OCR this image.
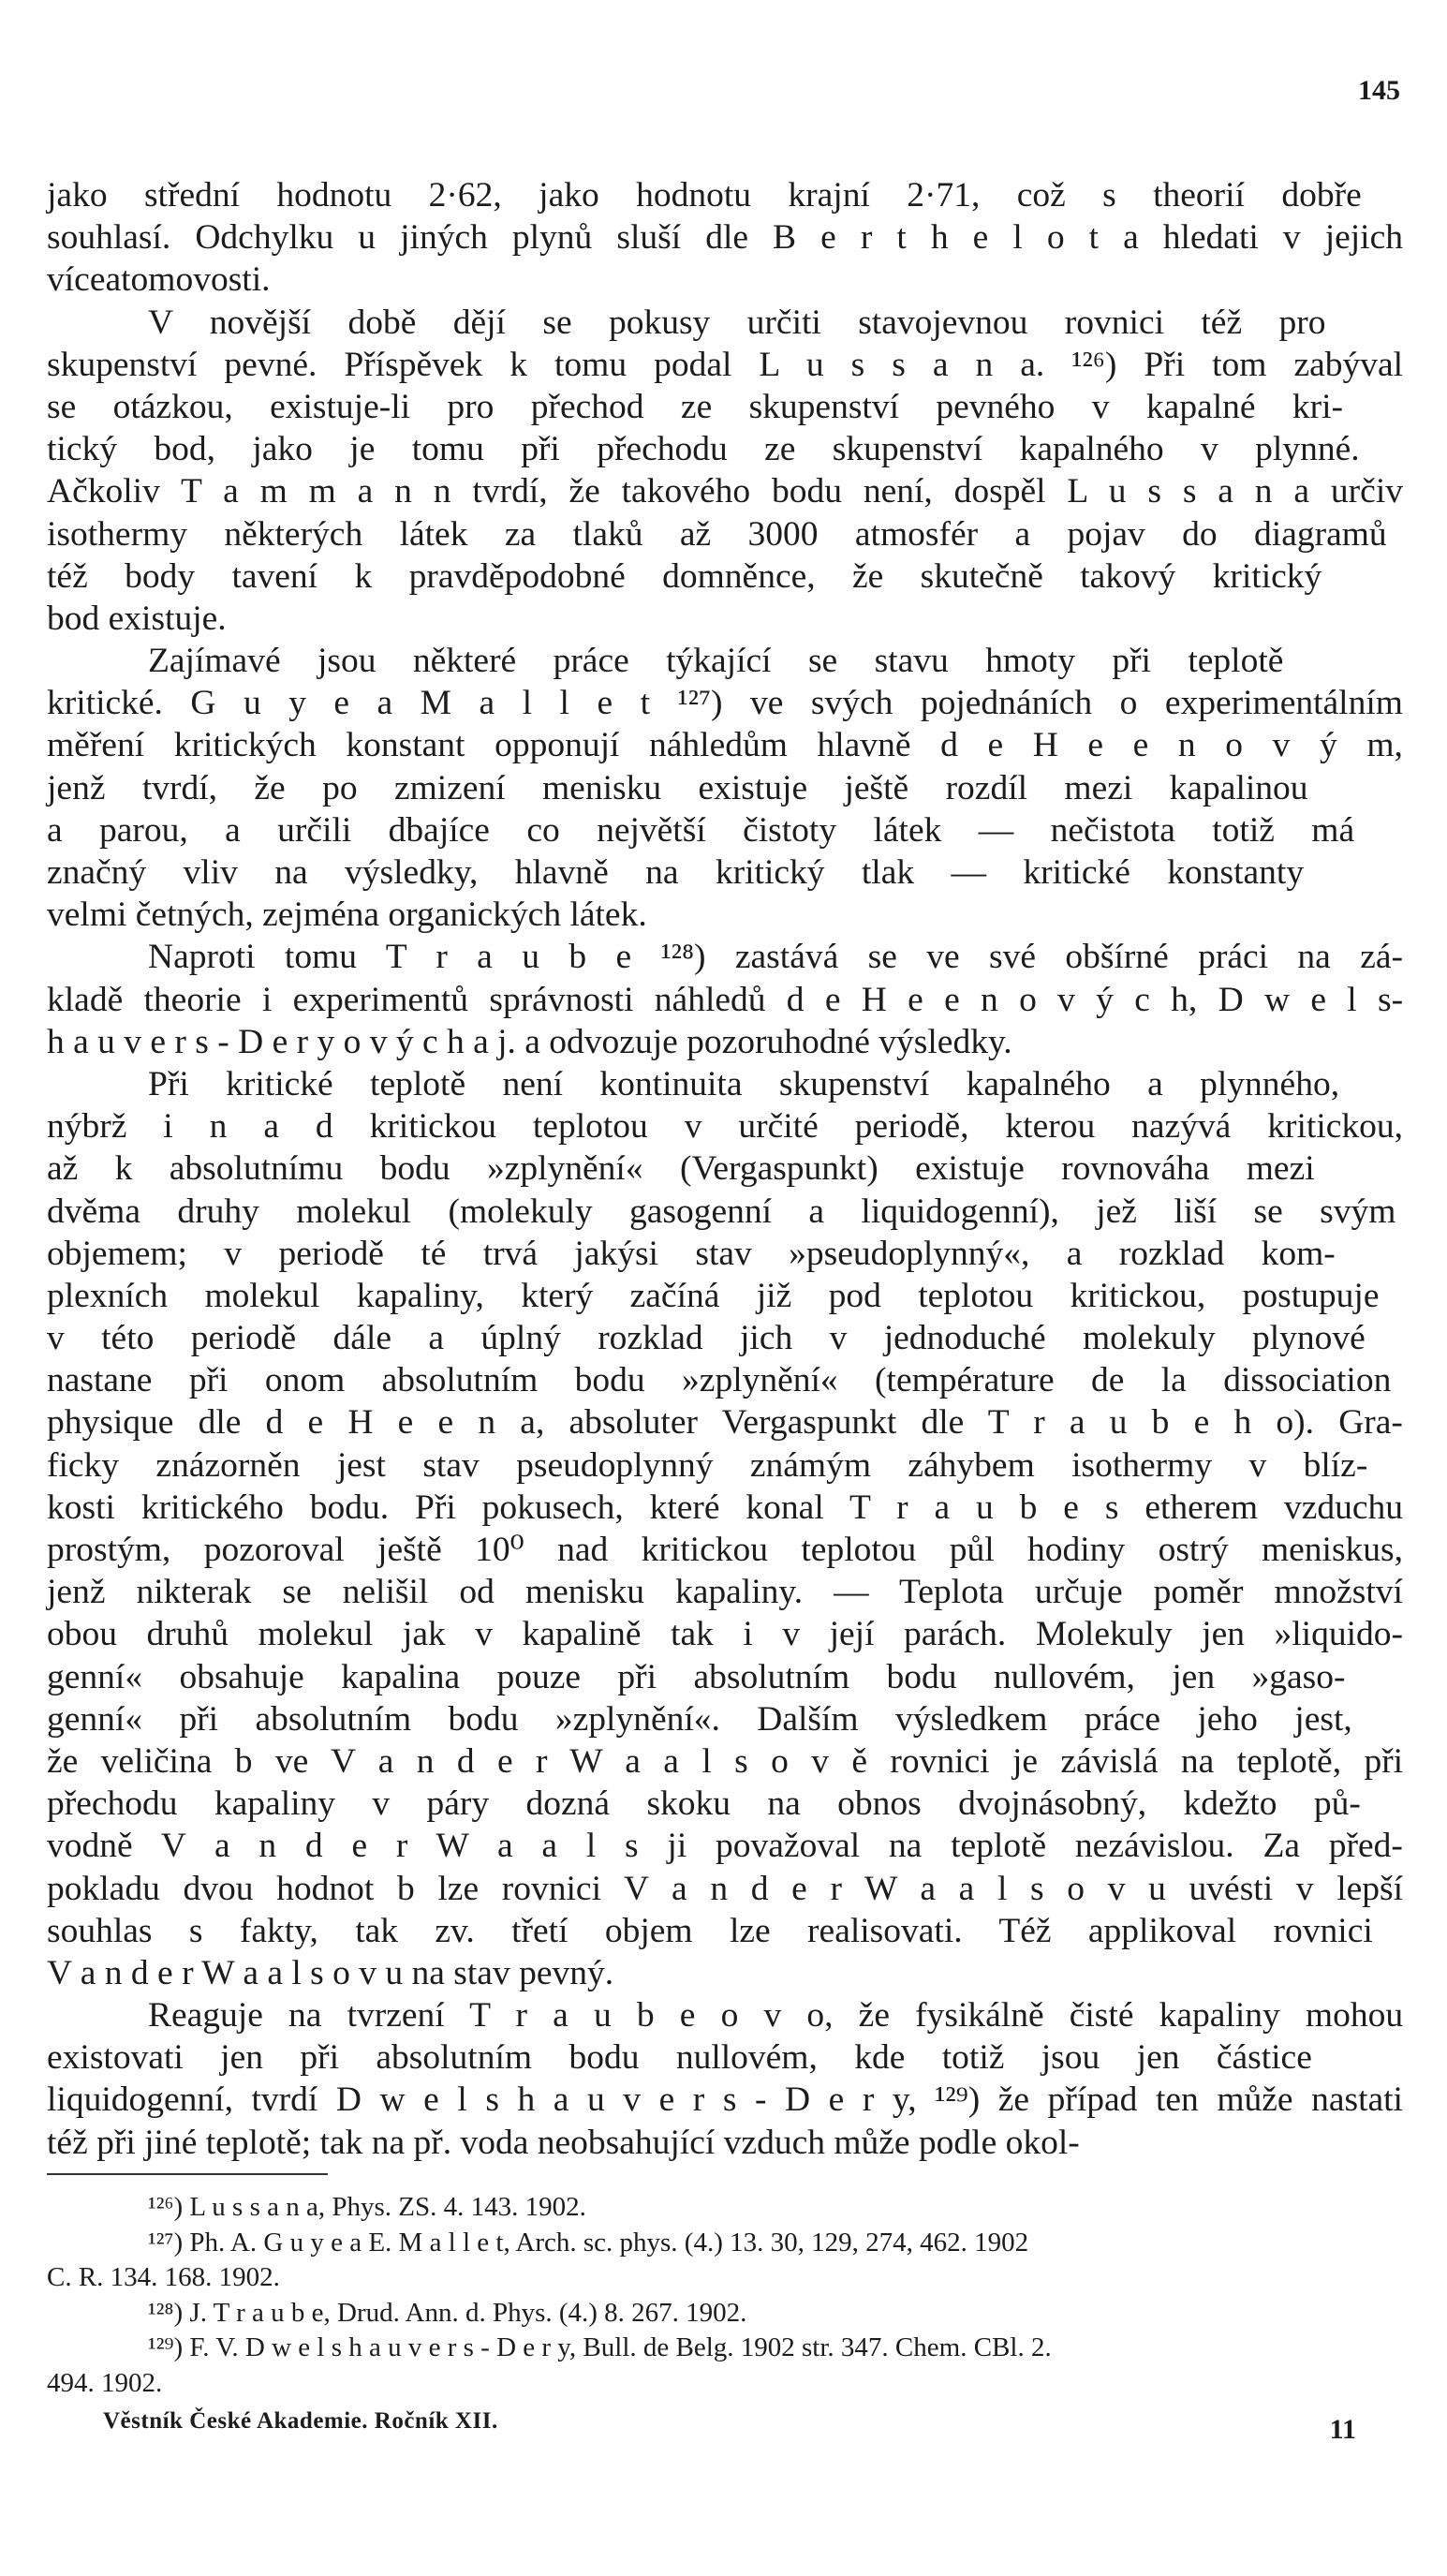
145
jako střední hodnotu 2·62, jako hodnotu krajní 2·71, což s theorií dobře
souhlasí. Odchylku u jiných plynů sluší dle B e r t h e l o t a hledati v jejich
víceatomovosti.
V novější době dějí se pokusy určiti stavojevnou rovnici též pro
skupenství pevné. Příspěvek k tomu podal L u s s a n a. ¹²⁶) Při tom zabýval
se otázkou, existuje-li pro přechod ze skupenství pevného v kapalné kri-
tický bod, jako je tomu při přechodu ze skupenství kapalného v plynné.
Ačkoliv T a m m a n n tvrdí, že takového bodu není, dospěl L u s s a n a určiv
isothermy některých látek za tlaků až 3000 atmosfér a pojav do diagramů
též body tavení k pravděpodobné domněnce, že skutečně takový kritický
bod existuje.
Zajímavé jsou některé práce týkající se stavu hmoty při teplotě
kritické. G u y e a M a l l e t ¹²⁷) ve svých pojednáních o experimentálním
měření kritických konstant opponují náhledům hlavně d e H e e n o v ý m,
jenž tvrdí, že po zmizení menisku existuje ještě rozdíl mezi kapalinou
a parou, a určili dbajíce co největší čistoty látek — nečistota totiž má
značný vliv na výsledky, hlavně na kritický tlak — kritické konstanty
velmi četných, zejména organických látek.
Naproti tomu T r a u b e ¹²⁸) zastává se ve své obšírné práci na zá-
kladě theorie i experimentů správnosti náhledů d e H e e n o v ý c h, D w e l s-
h a u v e r s - D e r y o v ý c h a j. a odvozuje pozoruhodné výsledky.
Při kritické teplotě není kontinuita skupenství kapalného a plynného,
nýbrž i n a d kritickou teplotou v určité periodě, kterou nazývá kritickou,
až k absolutnímu bodu »zplynění« (Vergaspunkt) existuje rovnováha mezi
dvěma druhy molekul (molekuly gasogenní a liquidogenní), jež liší se svým
objemem; v periodě té trvá jakýsi stav »pseudoplynný«, a rozklad kom-
plexních molekul kapaliny, který začíná již pod teplotou kritickou, postupuje
v této periodě dále a úplný rozklad jich v jednoduché molekuly plynové
nastane při onom absolutním bodu »zplynění« (température de la dissociation
physique dle d e H e e n a, absoluter Vergaspunkt dle T r a u b e h o). Gra-
ficky znázorněn jest stav pseudoplynný známým záhybem isothermy v blíz-
kosti kritického bodu. Při pokusech, které konal T r a u b e s etherem vzduchu
prostým, pozoroval ještě 10⁰ nad kritickou teplotou půl hodiny ostrý meniskus,
jenž nikterak se nelišil od menisku kapaliny. — Teplota určuje poměr množství
obou druhů molekul jak v kapalině tak i v její parách. Molekuly jen »liquido-
genní« obsahuje kapalina pouze při absolutním bodu nullovém, jen »gaso-
genní« při absolutním bodu »zplynění«. Dalším výsledkem práce jeho jest,
že veličina b ve V a n d e r W a a l s o v ě rovnici je závislá na teplotě, při
přechodu kapaliny v páry dozná skoku na obnos dvojnásobný, kdežto pů-
vodně V a n d e r W a a l s ji považoval na teplotě nezávislou. Za před-
pokladu dvou hodnot b lze rovnici V a n d e r W a a l s o v u uvésti v lepší
souhlas s fakty, tak zv. třetí objem lze realisovati. Též applikoval rovnici
V a n d e r W a a l s o v u na stav pevný.
Reaguje na tvrzení T r a u b e o v o, že fysikálně čisté kapaliny mohou
existovati jen při absolutním bodu nullovém, kde totiž jsou jen částice
liquidogenní, tvrdí D w e l s h a u v e r s - D e r y, ¹²⁹) že případ ten může nastati
též při jiné teplotě; tak na př. voda neobsahující vzduch může podle okol-
¹²⁶) L u s s a n a, Phys. ZS. 4. 143. 1902.
¹²⁷) Ph. A. G u y e a E. M a l l e t, Arch. sc. phys. (4.) 13. 30, 129, 274, 462. 1902
C. R. 134. 168. 1902.
¹²⁸) J. T r a u b e, Drud. Ann. d. Phys. (4.) 8. 267. 1902.
¹²⁹) F. V. D w e l s h a u v e r s - D e r y, Bull. de Belg. 1902 str. 347. Chem. CBl. 2.
494. 1902.
Věstník České Akademie. Ročník XII.	11
